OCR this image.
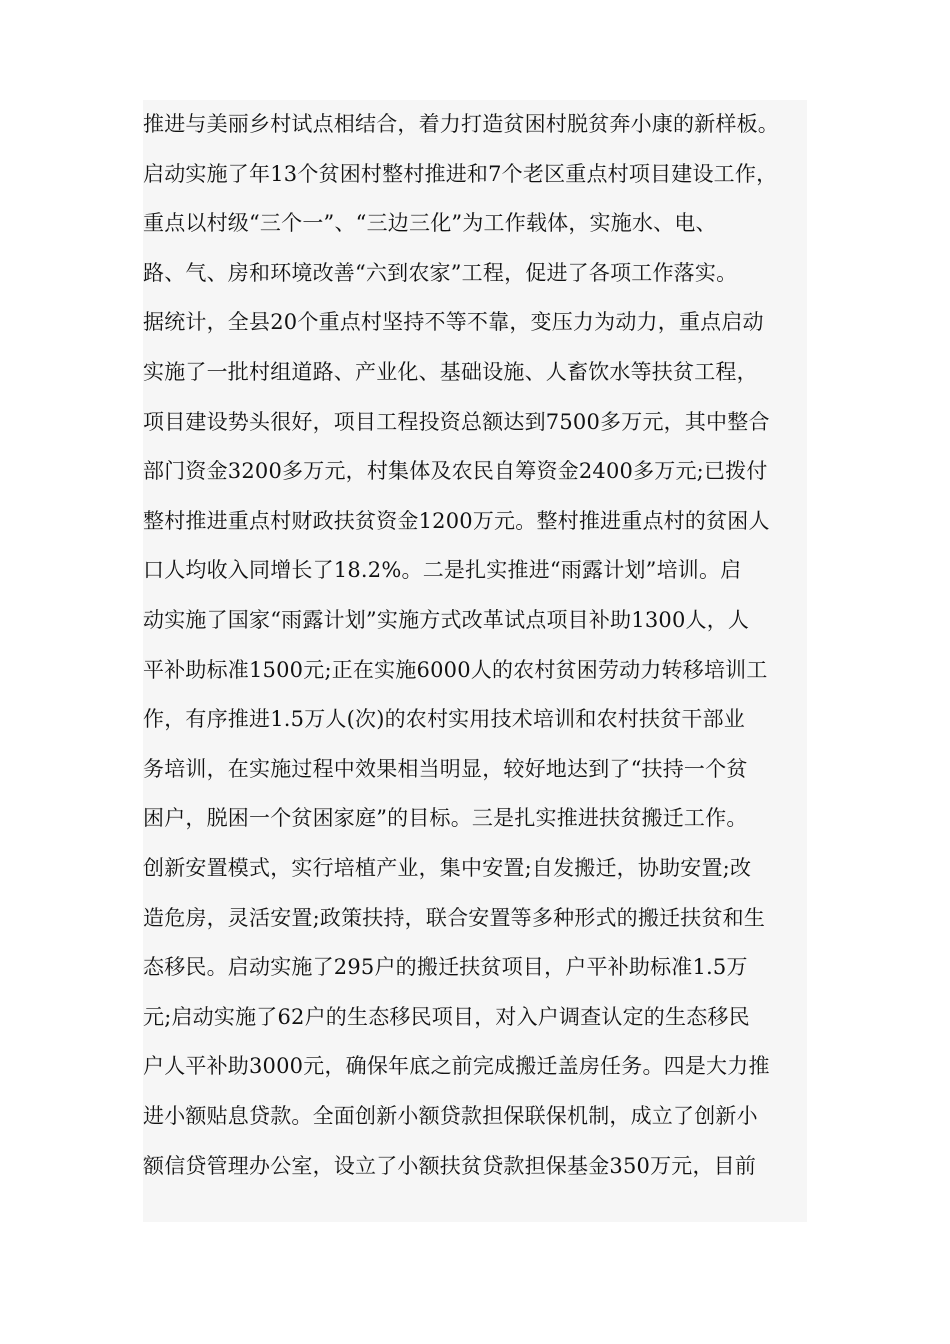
推进与美丽乡村试点相结合，着力打造贫困村脱贫奔小康的新样板。
启动实施了年13个贫困村整村推进和7个老区重点村项目建设工作，
重点以村级“三个一”、“三边三化”为工作载体，实施水、电、
路、气、房和环境改善“六到农家”工程，促进了各项工作落实。
据统计，全县20个重点村坚持不等不靠，变压力为动力，重点启动
实施了一批村组道路、产业化、基础设施、人畜饮水等扶贫工程，
项目建设势头很好，项目工程投资总额达到7500多万元，其中整合
部门资金3200多万元，村集体及农民自筹资金2400多万元;已拨付
整村推进重点村财政扶贫资金1200万元。整村推进重点村的贫困人
口人均收入同增长了18.2%。二是扎实推进“雨露计划”培训。启
动实施了国家“雨露计划”实施方式改革试点项目补助1300人，人
平补助标准1500元;正在实施6000人的农村贫困劳动力转移培训工
作，有序推进1.5万人(次)的农村实用技术培训和农村扶贫干部业
务培训，在实施过程中效果相当明显，较好地达到了“扶持一个贫
困户，脱困一个贫困家庭”的目标。三是扎实推进扶贫搬迁工作。
创新安置模式，实行培植产业，集中安置;自发搬迁，协助安置;改
造危房，灵活安置;政策扶持，联合安置等多种形式的搬迁扶贫和生
态移民。启动实施了295户的搬迁扶贫项目，户平补助标准1.5万
元;启动实施了62户的生态移民项目，对入户调查认定的生态移民
户人平补助3000元，确保年底之前完成搬迁盖房任务。四是大力推
进小额贴息贷款。全面创新小额贷款担保联保机制，成立了创新小
额信贷管理办公室，设立了小额扶贫贷款担保基金350万元，目前
